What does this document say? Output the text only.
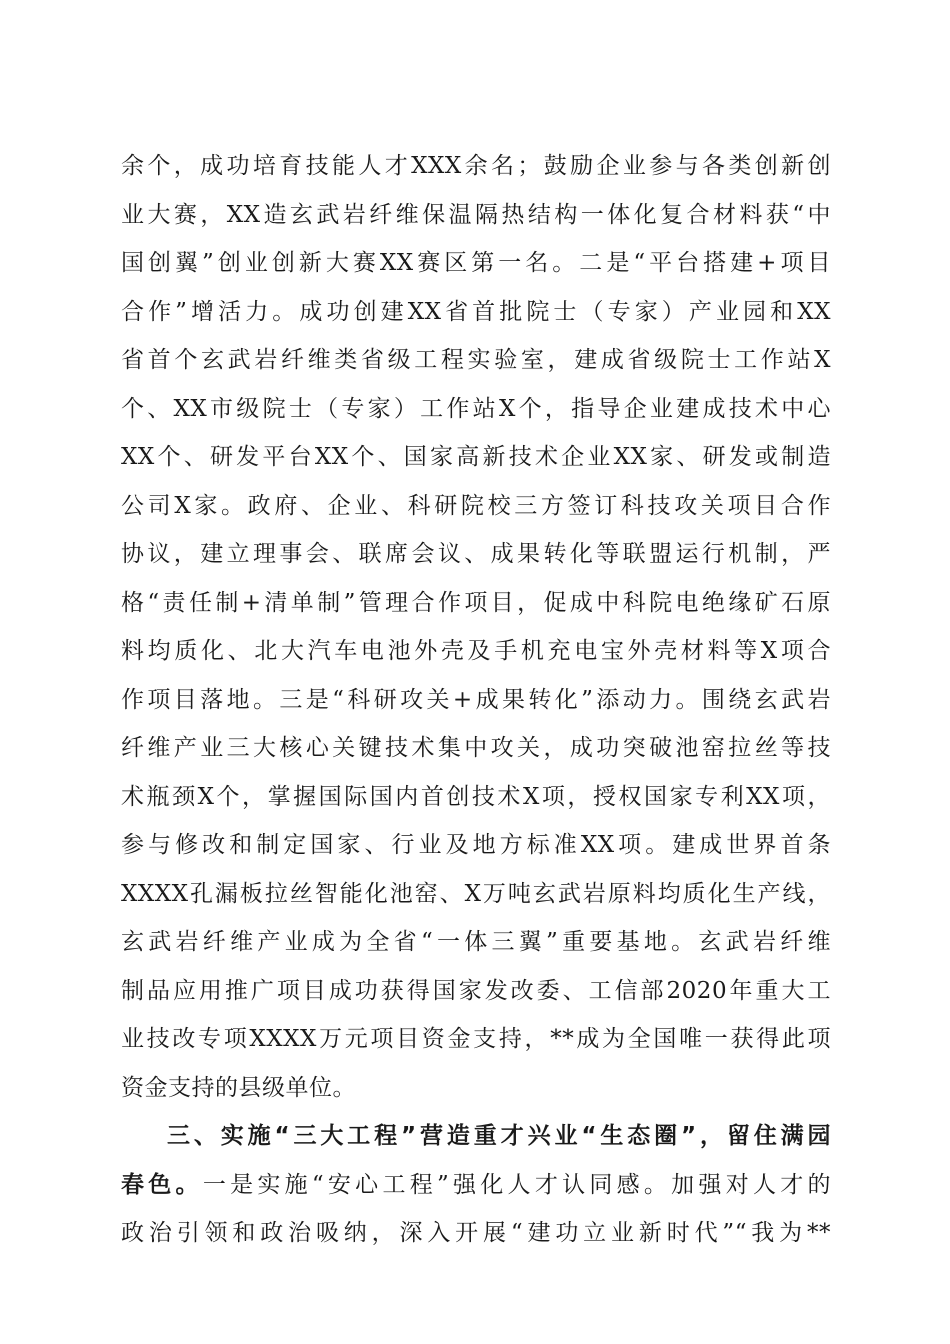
余个，成功培育技能人才XXX余名；鼓励企业参与各类创新创
业大赛，XX造玄武岩纤维保温隔热结构一体化复合材料获“中
国创翼”创业创新大赛XX赛区第一名。二是“平台搭建+项目
合作”增活力。成功创建XX省首批院士（专家）产业园和XX
省首个玄武岩纤维类省级工程实验室，建成省级院士工作站X
个、XX市级院士（专家）工作站X个，指导企业建成技术中心
XX个、研发平台XX个、国家高新技术企业XX家、研发或制造
公司X家。政府、企业、科研院校三方签订科技攻关项目合作
协议，建立理事会、联席会议、成果转化等联盟运行机制，严
格“责任制+清单制”管理合作项目，促成中科院电绝缘矿石原
料均质化、北大汽车电池外壳及手机充电宝外壳材料等X项合
作项目落地。三是“科研攻关+成果转化”添动力。围绕玄武岩
纤维产业三大核心关键技术集中攻关，成功突破池窑拉丝等技
术瓶颈X个，掌握国际国内首创技术X项，授权国家专利XX项，
参与修改和制定国家、行业及地方标准XX项。建成世界首条
XXXX孔漏板拉丝智能化池窑、X万吨玄武岩原料均质化生产线，
玄武岩纤维产业成为全省“一体三翼”重要基地。玄武岩纤维
制品应用推广项目成功获得国家发改委、工信部2020年重大工
业技改专项XXXX万元项目资金支持，**成为全国唯一获得此项
资金支持的县级单位。
三、实施“三大工程”营造重才兴业“生态圈”，留住满园
春色。一是实施“安心工程”强化人才认同感。加强对人才的
政治引领和政治吸纳，深入开展“建功立业新时代”“我为**
